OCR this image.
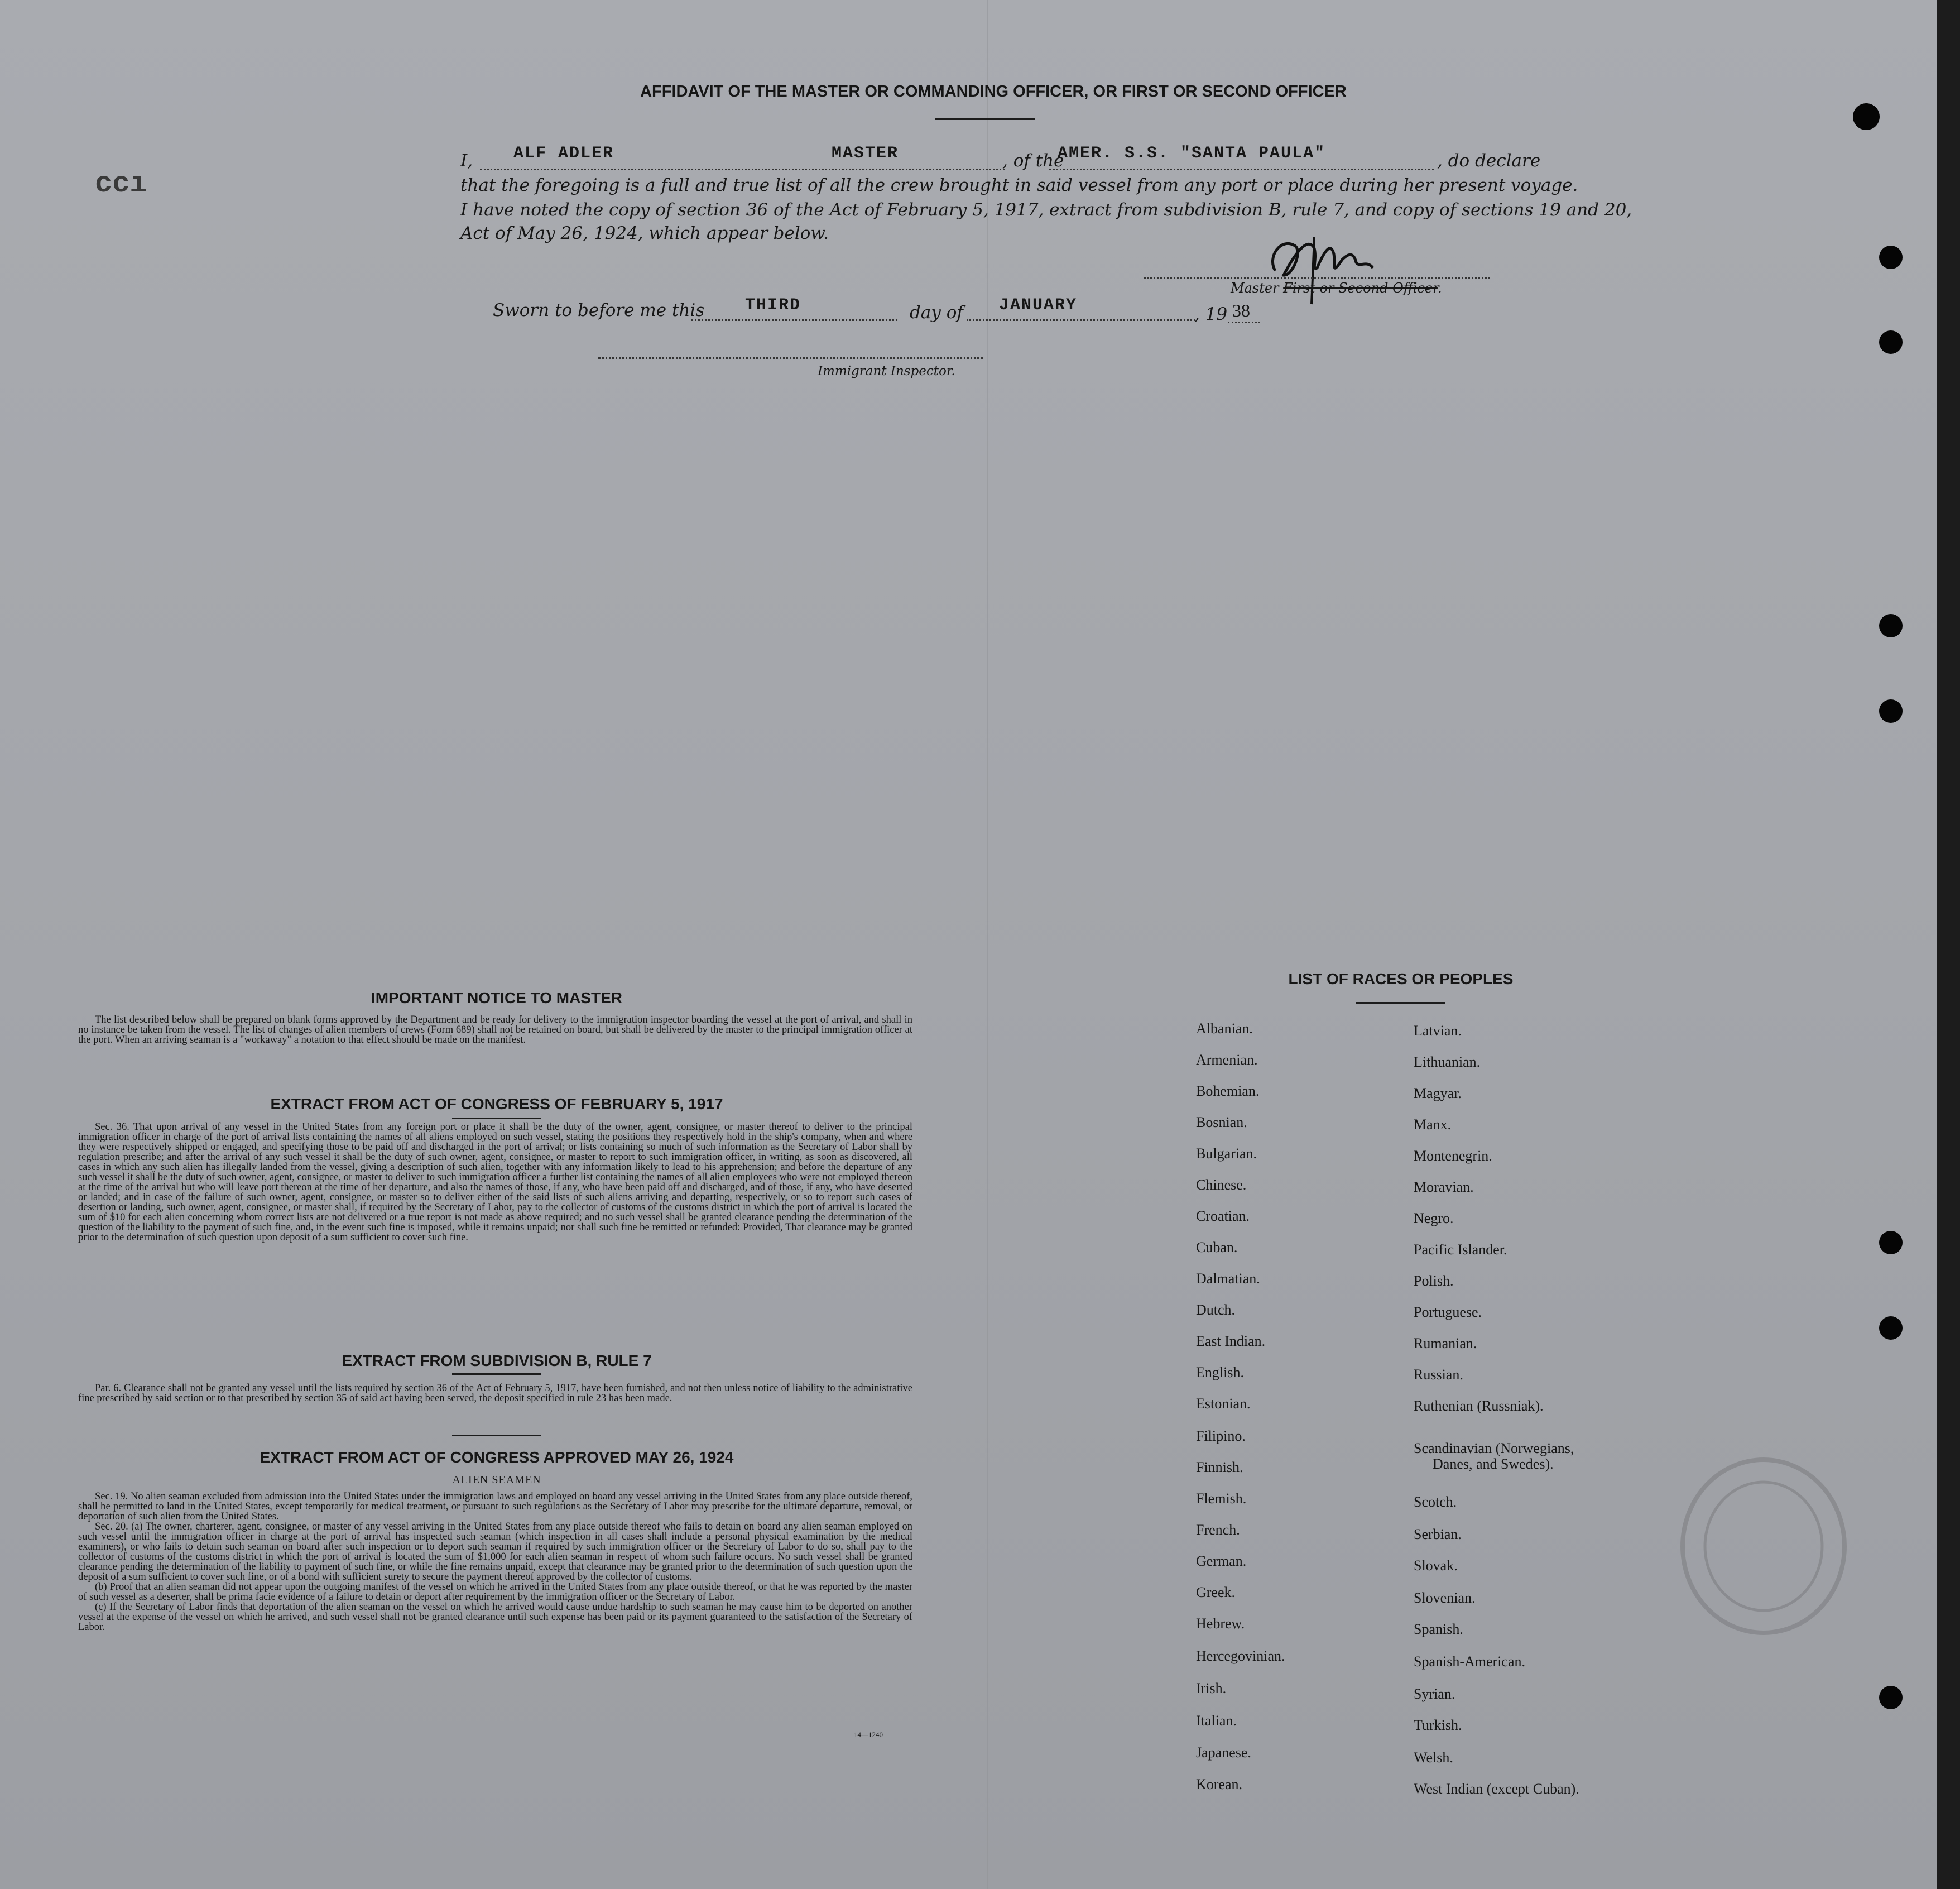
ccı
AFFIDAVIT OF THE MASTER OR COMMANDING OFFICER, OR FIRST OR SECOND OFFICER
I, ALF ADLER	MASTER	, of the
AMER. S.S. "SANTA PAULA"	, do declare
that the foregoing is a full and true list of all the crew brought in said vessel from any port or place during her present voyage.
I have noted the copy of section 36 of the Act of February 5, 1917, extract from subdivision B, rule 7, and copy of sections 19 and 20,
Act of May 26, 1924, which appear below.
Master First or Second Officer.
Sworn to before me this THIRD	day of JANUARY	, 19 38
Immigrant Inspector.
IMPORTANT NOTICE TO MASTER

The list described below shall be prepared on blank forms approved by the Department and be ready for delivery to the immigration inspector boarding the vessel at the port of arrival, and shall in no instance be taken from the vessel. The list of changes of alien members of crews (Form 689) shall not be retained on board, but shall be delivered by the master to the principal immigration officer at the port. When an arriving seaman is a "workaway" a notation to that effect should be made on the manifest.

EXTRACT FROM ACT OF CONGRESS OF FEBRUARY 5, 1917

Sec. 36. That upon arrival of any vessel in the United States from any foreign port or place it shall be the duty of the owner, agent, consignee, or master thereof to deliver to the principal immigration officer in charge of the port of arrival lists containing the names of all aliens employed on such vessel, stating the positions they respectively hold in the ship's company, when and where they were respectively shipped or engaged, and specifying those to be paid off and discharged in the port of arrival; or lists containing so much of such information as the Secretary of Labor shall by regulation prescribe; and after the arrival of any such vessel it shall be the duty of such owner, agent, consignee, or master to report to such immigration officer, in writing, as soon as discovered, all cases in which any such alien has illegally landed from the vessel, giving a description of such alien, together with any information likely to lead to his apprehension; and before the departure of any such vessel it shall be the duty of such owner, agent, consignee, or master to deliver to such immigration officer a further list containing the names of all alien employees who were not employed thereon at the time of the arrival but who will leave port thereon at the time of her departure, and also the names of those, if any, who have been paid off and discharged, and of those, if any, who have deserted or landed; and in case of the failure of such owner, agent, consignee, or master so to deliver either of the said lists of such aliens arriving and departing, respectively, or so to report such cases of desertion or landing, such owner, agent, consignee, or master shall, if required by the Secretary of Labor, pay to the collector of customs of the customs district in which the port of arrival is located the sum of $10 for each alien concerning whom correct lists are not delivered or a true report is not made as above required; and no such vessel shall be granted clearance pending the determination of the question of the liability to the payment of such fine, and, in the event such fine is imposed, while it remains unpaid; nor shall such fine be remitted or refunded: Provided, That clearance may be granted prior to the determination of such question upon deposit of a sum sufficient to cover such fine.

EXTRACT FROM SUBDIVISION B, RULE 7

Par. 6. Clearance shall not be granted any vessel until the lists required by section 36 of the Act of February 5, 1917, have been furnished, and not then unless notice of liability to the administrative fine prescribed by said section or to that prescribed by section 35 of said act having been served, the deposit specified in rule 23 has been made.

EXTRACT FROM ACT OF CONGRESS APPROVED MAY 26, 1924
ALIEN SEAMEN

Sec. 19. No alien seaman excluded from admission into the United States under the immigration laws and employed on board any vessel arriving in the United States from any place outside thereof, shall be permitted to land in the United States, except temporarily for medical treatment, or pursuant to such regulations as the Secretary of Labor may prescribe for the ultimate departure, removal, or deportation of such alien from the United States.

Sec. 20. (a) The owner, charterer, agent, consignee, or master of any vessel arriving in the United States from any place outside thereof who fails to detain on board any alien seaman employed on such vessel until the immigration officer in charge at the port of arrival has inspected such seaman (which inspection in all cases shall include a personal physical examination by the medical examiners), or who fails to detain such seaman on board after such inspection or to deport such seaman if required by such immigration officer or the Secretary of Labor to do so, shall pay to the collector of customs of the customs district in which the port of arrival is located the sum of $1,000 for each alien seaman in respect of whom such failure occurs. No such vessel shall be granted clearance pending the determination of the liability to payment of such fine, or while the fine remains unpaid, except that clearance may be granted prior to the determination of such question upon the deposit of a sum sufficient to cover such fine, or of a bond with sufficient surety to secure the payment thereof approved by the collector of customs.

(b) Proof that an alien seaman did not appear upon the outgoing manifest of the vessel on which he arrived in the United States from any place outside thereof, or that he was reported by the master of such vessel as a deserter, shall be prima facie evidence of a failure to detain or deport after requirement by the immigration officer or the Secretary of Labor.

(c) If the Secretary of Labor finds that deportation of the alien seaman on the vessel on which he arrived would cause undue hardship to such seaman he may cause him to be deported on another vessel at the expense of the vessel on which he arrived, and such vessel shall not be granted clearance until such expense has been paid or its payment guaranteed to the satisfaction of the Secretary of Labor.

14—1240
LIST OF RACES OR PEOPLES
Albanian.
Armenian.
Bohemian.
Bosnian.
Bulgarian.
Chinese.
Croatian.
Cuban.
Dalmatian.
Dutch.
East Indian.
English.
Estonian.
Filipino.
Finnish.
Flemish.
French.
German.
Greek.
Hebrew.
Hercegovinian.
Irish.
Italian.
Japanese.
Korean.
Latvian.
Lithuanian.
Magyar.
Manx.
Montenegrin.
Moravian.
Negro.
Pacific Islander.
Polish.
Portuguese.
Rumanian.
Russian.
Ruthenian (Russniak).
Scandinavian (Norwegians,
Danes, and Swedes).
Scotch.
Serbian.
Slovak.
Slovenian.
Spanish.
Spanish-American.
Syrian.
Turkish.
Welsh.
West Indian (except Cuban).
